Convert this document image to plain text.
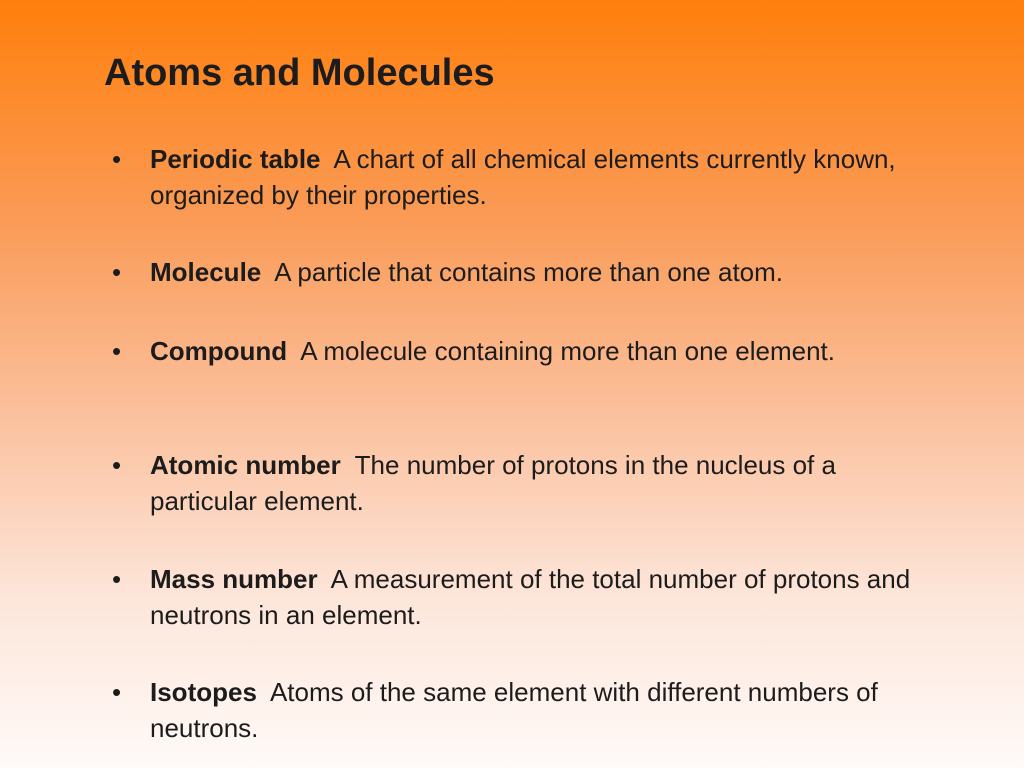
Atoms and Molecules
• Periodic table A chart of all chemical elements currently known, organized by their properties.

• Molecule A particle that contains more than one atom.

• Compound A molecule containing more than one element.

• Atomic number The number of protons in the nucleus of a particular element.

• Mass number A measurement of the total number of protons and neutrons in an element.

• Isotopes Atoms of the same element with different numbers of neutrons.
